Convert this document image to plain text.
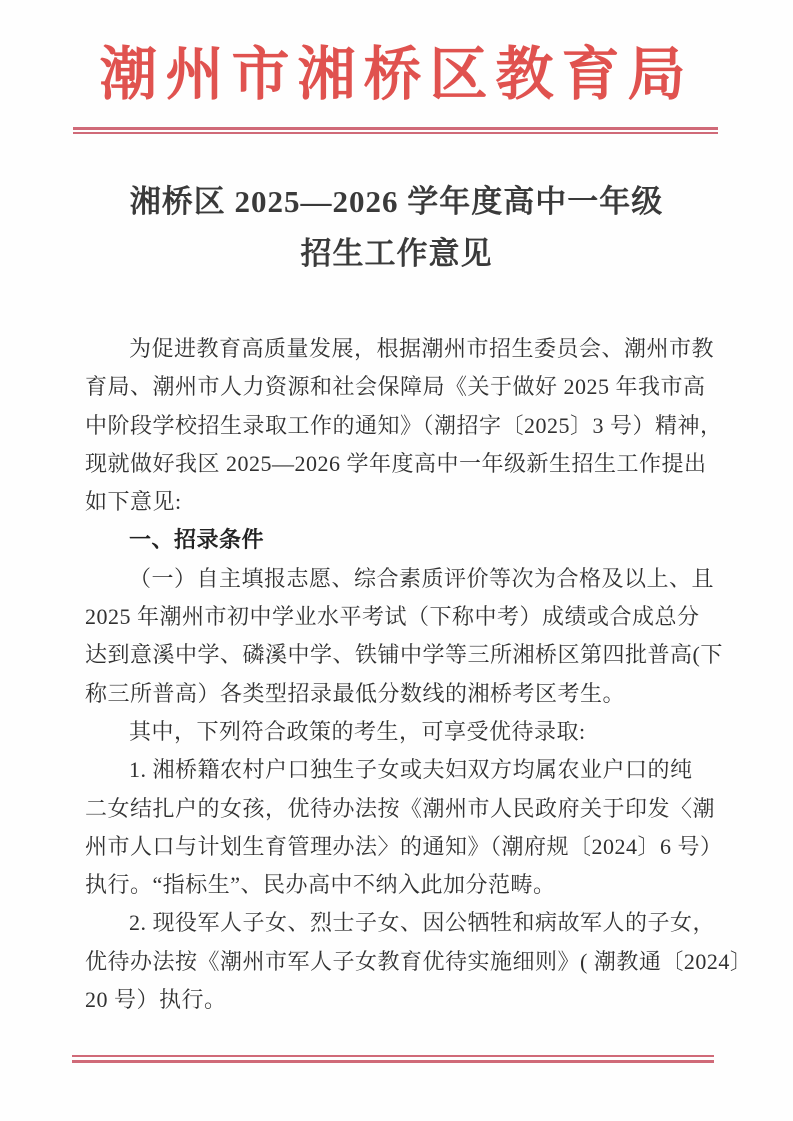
潮州市湘桥区教育局
湘桥区 2025—2026 学年度高中一年级
招生工作意见
为促进教育高质量发展，根据潮州市招生委员会、潮州市教
育局、潮州市人力资源和社会保障局《关于做好 2025 年我市高
中阶段学校招生录取工作的通知》（潮招字〔2025〕3 号）精神，
现就做好我区 2025—2026 学年度高中一年级新生招生工作提出
如下意见:
一、招录条件
（一）自主填报志愿、综合素质评价等次为合格及以上、且
2025 年潮州市初中学业水平考试（下称中考）成绩或合成总分
达到意溪中学、磷溪中学、铁铺中学等三所湘桥区第四批普高(下
称三所普高）各类型招录最低分数线的湘桥考区考生。
其中，下列符合政策的考生，可享受优待录取:
1. 湘桥籍农村户口独生子女或夫妇双方均属农业户口的纯
二女结扎户的女孩，优待办法按《潮州市人民政府关于印发〈潮
州市人口与计划生育管理办法〉的通知》（潮府规〔2024〕6 号）
执行。“指标生”、民办高中不纳入此加分范畴。
2. 现役军人子女、烈士子女、因公牺牲和病故军人的子女，
优待办法按《潮州市军人子女教育优待实施细则》( 潮教通〔2024〕
20 号）执行。
